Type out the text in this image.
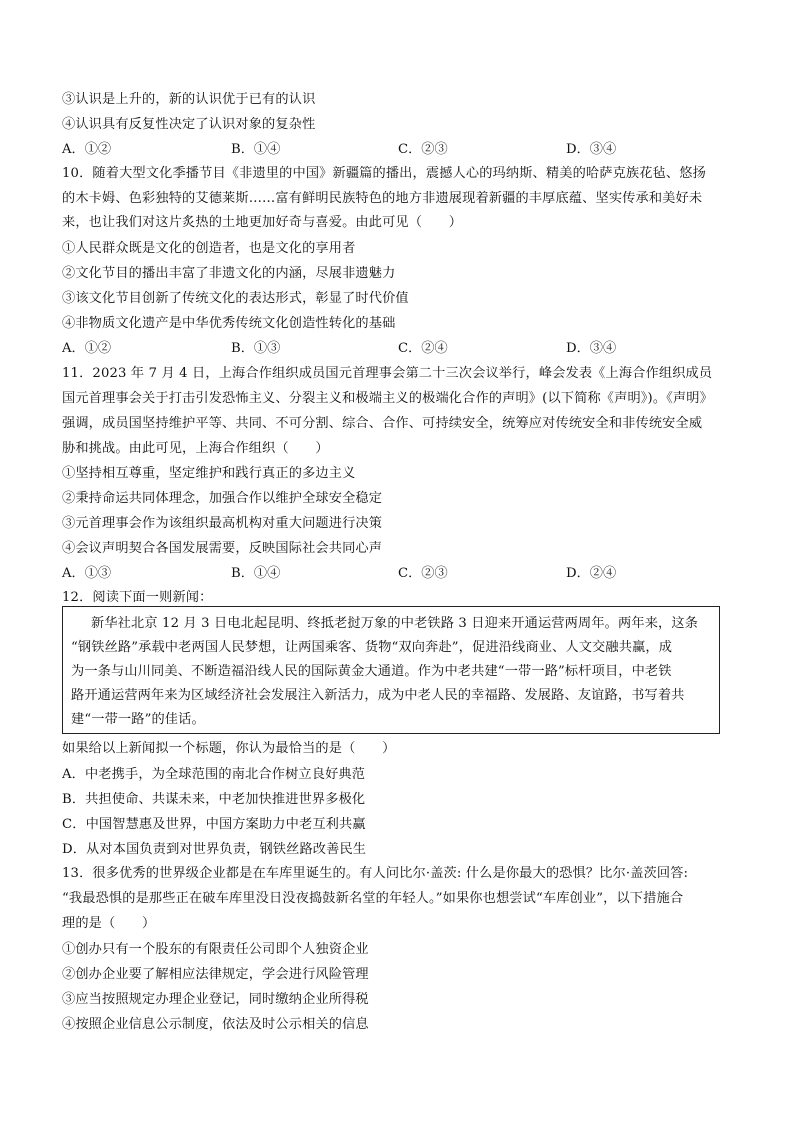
③认识是上升的，新的认识优于已有的认识
④认识具有反复性决定了认识对象的复杂性
A．①②	B．①④	C．②③	D．③④
10．随着大型文化季播节目《非遗里的中国》新疆篇的播出，震撼人心的玛纳斯、精美的哈萨克族花毡、悠扬
的木卡姆、色彩独特的艾德莱斯……富有鲜明民族特色的地方非遗展现着新疆的丰厚底蕴、坚实传承和美好未
来，也让我们对这片炙热的土地更加好奇与喜爱。由此可见（　　）
①人民群众既是文化的创造者，也是文化的享用者
②文化节目的播出丰富了非遗文化的内涵，尽展非遗魅力
③该文化节目创新了传统文化的表达形式，彰显了时代价值
④非物质文化遗产是中华优秀传统文化创造性转化的基础
A．①②	B．①③	C．②④	D．③④
11．2023 年 7 月 4 日，上海合作组织成员国元首理事会第二十三次会议举行，峰会发表《上海合作组织成员
国元首理事会关于打击引发恐怖主义、分裂主义和极端主义的极端化合作的声明》(以下简称《声明》)。《声明》
强调，成员国坚持维护平等、共同、不可分割、综合、合作、可持续安全，统筹应对传统安全和非传统安全威
胁和挑战。由此可见，上海合作组织（　　）
①坚持相互尊重，坚定维护和践行真正的多边主义
②秉持命运共同体理念，加强合作以维护全球安全稳定
③元首理事会作为该组织最高机构对重大问题进行决策
④会议声明契合各国发展需要，反映国际社会共同心声
A．①③	B．①④	C．②③	D．②④
12．阅读下面一则新闻：
新华社北京 12 月 3 日电北起昆明、终抵老挝万象的中老铁路 3 日迎来开通运营两周年。两年来，这条
“钢铁丝路”承载中老两国人民梦想，让两国乘客、货物“双向奔赴”，促进沿线商业、人文交融共赢，成
为一条与山川同美、不断造福沿线人民的国际黄金大通道。作为中老共建“一带一路”标杆项目，中老铁
路开通运营两年来为区域经济社会发展注入新活力，成为中老人民的幸福路、发展路、友谊路，书写着共
建“一带一路”的佳话。
如果给以上新闻拟一个标题，你认为最恰当的是（　　）
A．中老携手，为全球范围的南北合作树立良好典范
B．共担使命、共谋未来，中老加快推进世界多极化
C．中国智慧惠及世界，中国方案助力中老互利共赢
D．从对本国负责到对世界负责，钢铁丝路改善民生
13．很多优秀的世界级企业都是在车库里诞生的。有人问比尔·盖茨: 什么是你最大的恐惧？比尔·盖茨回答:
“我最恐惧的是那些正在破车库里没日没夜捣鼓新名堂的年轻人。”如果你也想尝试“车库创业”，以下措施合
理的是（　　）
①创办只有一个股东的有限责任公司即个人独资企业
②创办企业要了解相应法律规定，学会进行风险管理
③应当按照规定办理企业登记，同时缴纳企业所得税
④按照企业信息公示制度，依法及时公示相关的信息
